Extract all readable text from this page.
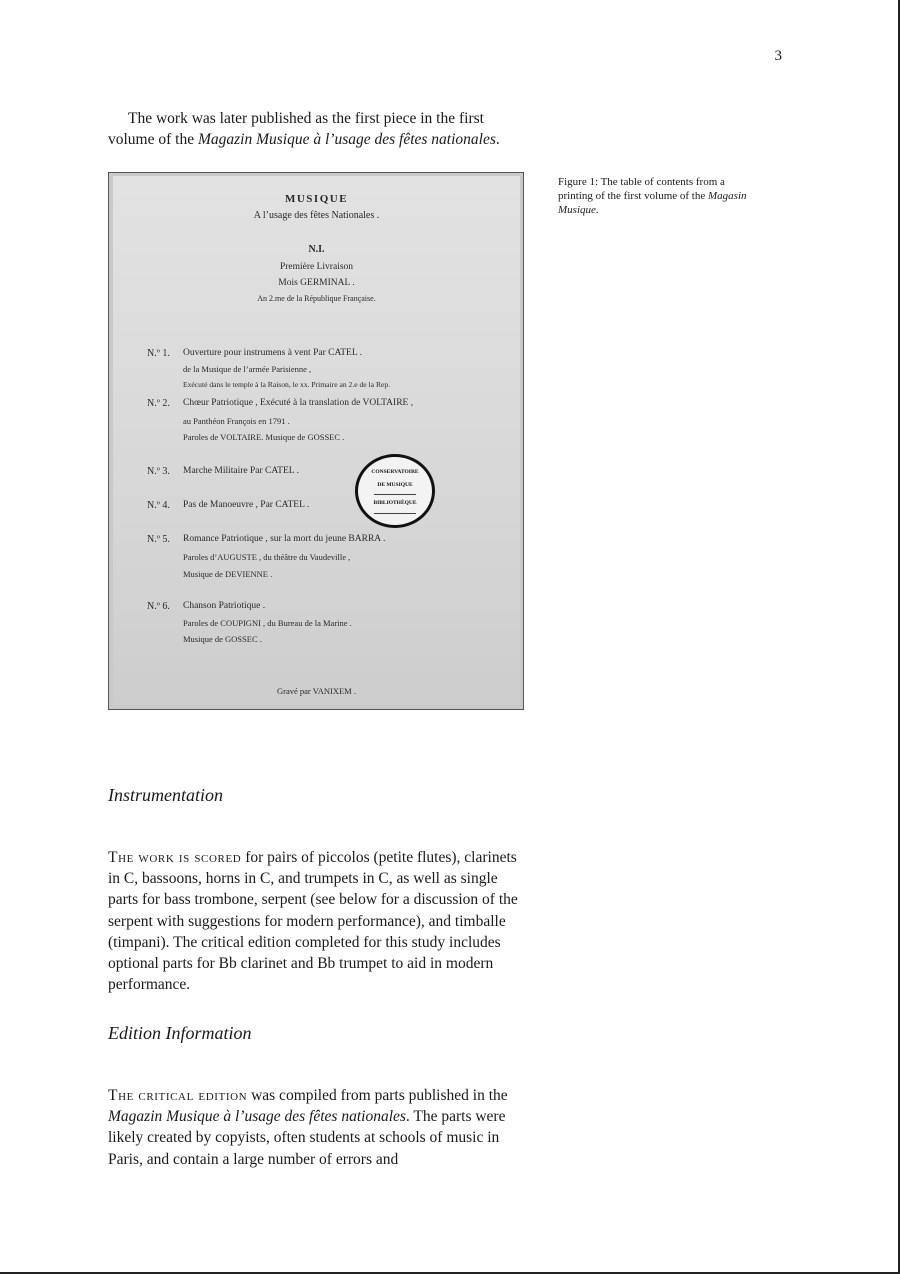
3

The work was later published as the first piece in the first volume of the Magazin Musique à l’usage des fêtes nationales.

MUSIQUE
A l’usage des fêtes Nationales .
N.I.
Première Livraison
Mois GERMINAL .
An 2.me de la République Française.
N.º 1. Ouverture pour instrumens à vent Par CATEL .
de la Musique de l’armée Parisienne ,
Exécuté dans le temple à la Raison, le xx. Primaire an 2.e de la Rep.
N.º 2. Chœur Patriotique , Exécuté à la translation de VOLTAIRE ,
au Panthéon François en 1791 .
Paroles de VOLTAIRE. Musique de GOSSEC .
N.º 3. Marche Militaire Par CATEL .
N.º 4. Pas de Manoeuvre , Par CATEL .
CONSERVATOIRE
DE MUSIQUE
BIBLIOTHÈQUE
N.º 5. Romance Patriotique , sur la mort du jeune BARRA .
Paroles d’AUGUSTE , du théâtre du Vaudeville ,
Musique de DEVIENNE .
N.º 6. Chanson Patriotique .
Paroles de COUPIGNI , du Bureau de la Marine .
Musique de GOSSEC .
Gravé par VANIXEM .
Figure 1: The table of contents from a printing of the first volume of the Magasin Musique.
Instrumentation

The work is scored for pairs of piccolos (petite flutes), clarinets in C, bassoons, horns in C, and trumpets in C, as well as single parts for bass trombone, serpent (see below for a discussion of the serpent with suggestions for modern performance), and timballe (timpani). The critical edition completed for this study includes optional parts for Bb clarinet and Bb trumpet to aid in modern performance.

Edition Information

The critical edition was compiled from parts published in the Magazin Musique à l’usage des fêtes nationales. The parts were likely created by copyists, often students at schools of music in Paris, and contain a large number of errors and
